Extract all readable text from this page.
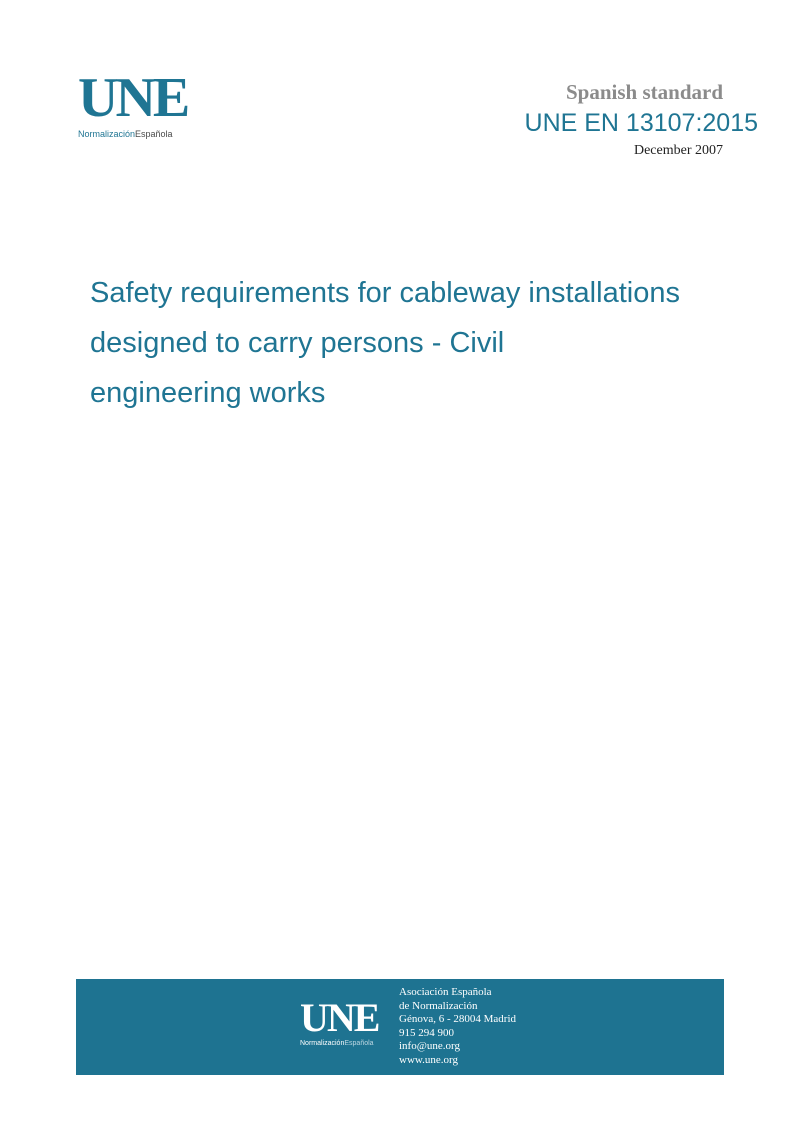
UNE
NormalizaciónEspañola
Spanish standard
UNE EN 13107:2015
December 2007
Safety requirements for cableway installations
designed to carry persons - Civil
engineering works
UNE
NormalizaciónEspañola
Asociación Española
de Normalización
Génova, 6 - 28004 Madrid
915 294 900
info@une.org
www.une.org
